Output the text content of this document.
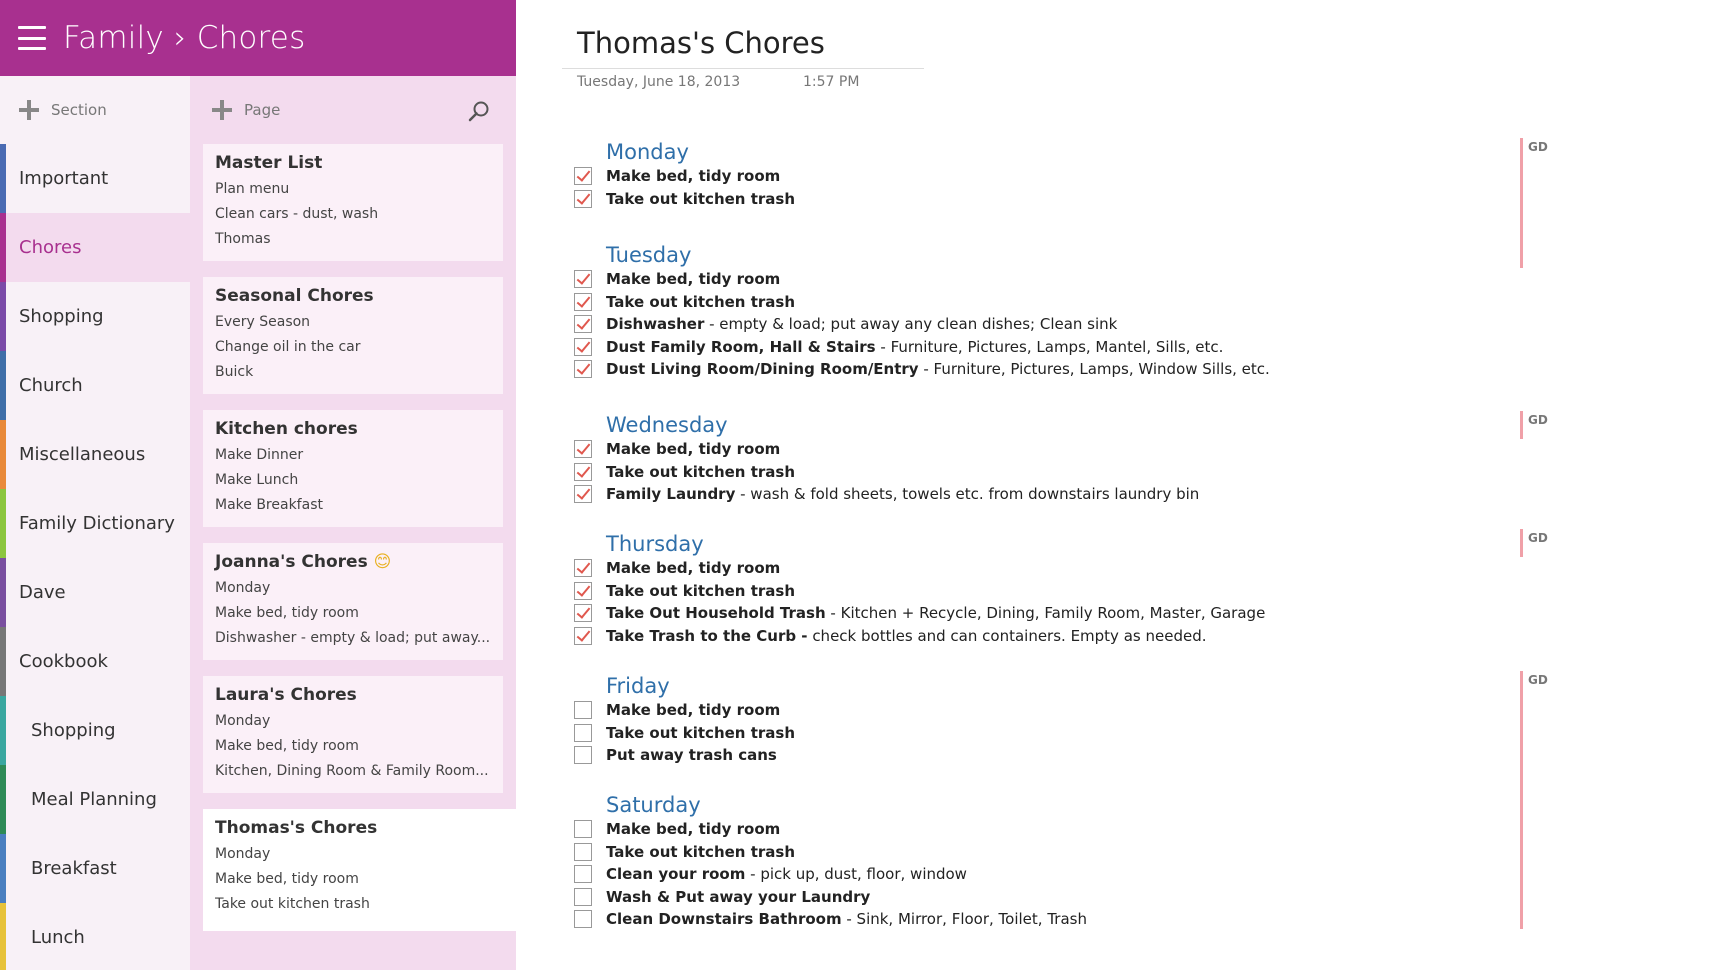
Family › Chores
Section
Important
Chores
Shopping
Church
Miscellaneous
Family Dictionary
Dave
Cookbook
Shopping
Meal Planning
Breakfast
Lunch
Page
Master List
Plan menu
Clean cars - dust, wash
Thomas
Seasonal Chores
Every Season
Change oil in the car
Buick
Kitchen chores
Make Dinner
Make Lunch
Make Breakfast
Joanna's Chores 😊
Monday
Make bed, tidy room
Dishwasher - empty & load; put away...
Laura's Chores
Monday
Make bed, tidy room
Kitchen, Dining Room & Family Room...
Thomas's Chores
Monday
Make bed, tidy room
Take out kitchen trash
Thomas's Chores
Tuesday, June 18, 2013	1:57 PM
Monday
Make bed, tidy room
Take out kitchen trash
Tuesday
Make bed, tidy room
Take out kitchen trash
Dishwasher - empty & load; put away any clean dishes; Clean sink
Dust Family Room, Hall & Stairs - Furniture, Pictures, Lamps, Mantel, Sills, etc.
Dust Living Room/Dining Room/Entry - Furniture, Pictures, Lamps, Window Sills, etc.
Wednesday
Make bed, tidy room
Take out kitchen trash
Family Laundry - wash & fold sheets, towels etc. from downstairs laundry bin
Thursday
Make bed, tidy room
Take out kitchen trash
Take Out Household Trash - Kitchen + Recycle, Dining, Family Room, Master, Garage
Take Trash to the Curb - check bottles and can containers. Empty as needed.
Friday
Make bed, tidy room
Take out kitchen trash
Put away trash cans
Saturday
Make bed, tidy room
Take out kitchen trash
Clean your room - pick up, dust, floor, window
Wash & Put away your Laundry
Clean Downstairs Bathroom - Sink, Mirror, Floor, Toilet, Trash
GD
GD
GD
GD
